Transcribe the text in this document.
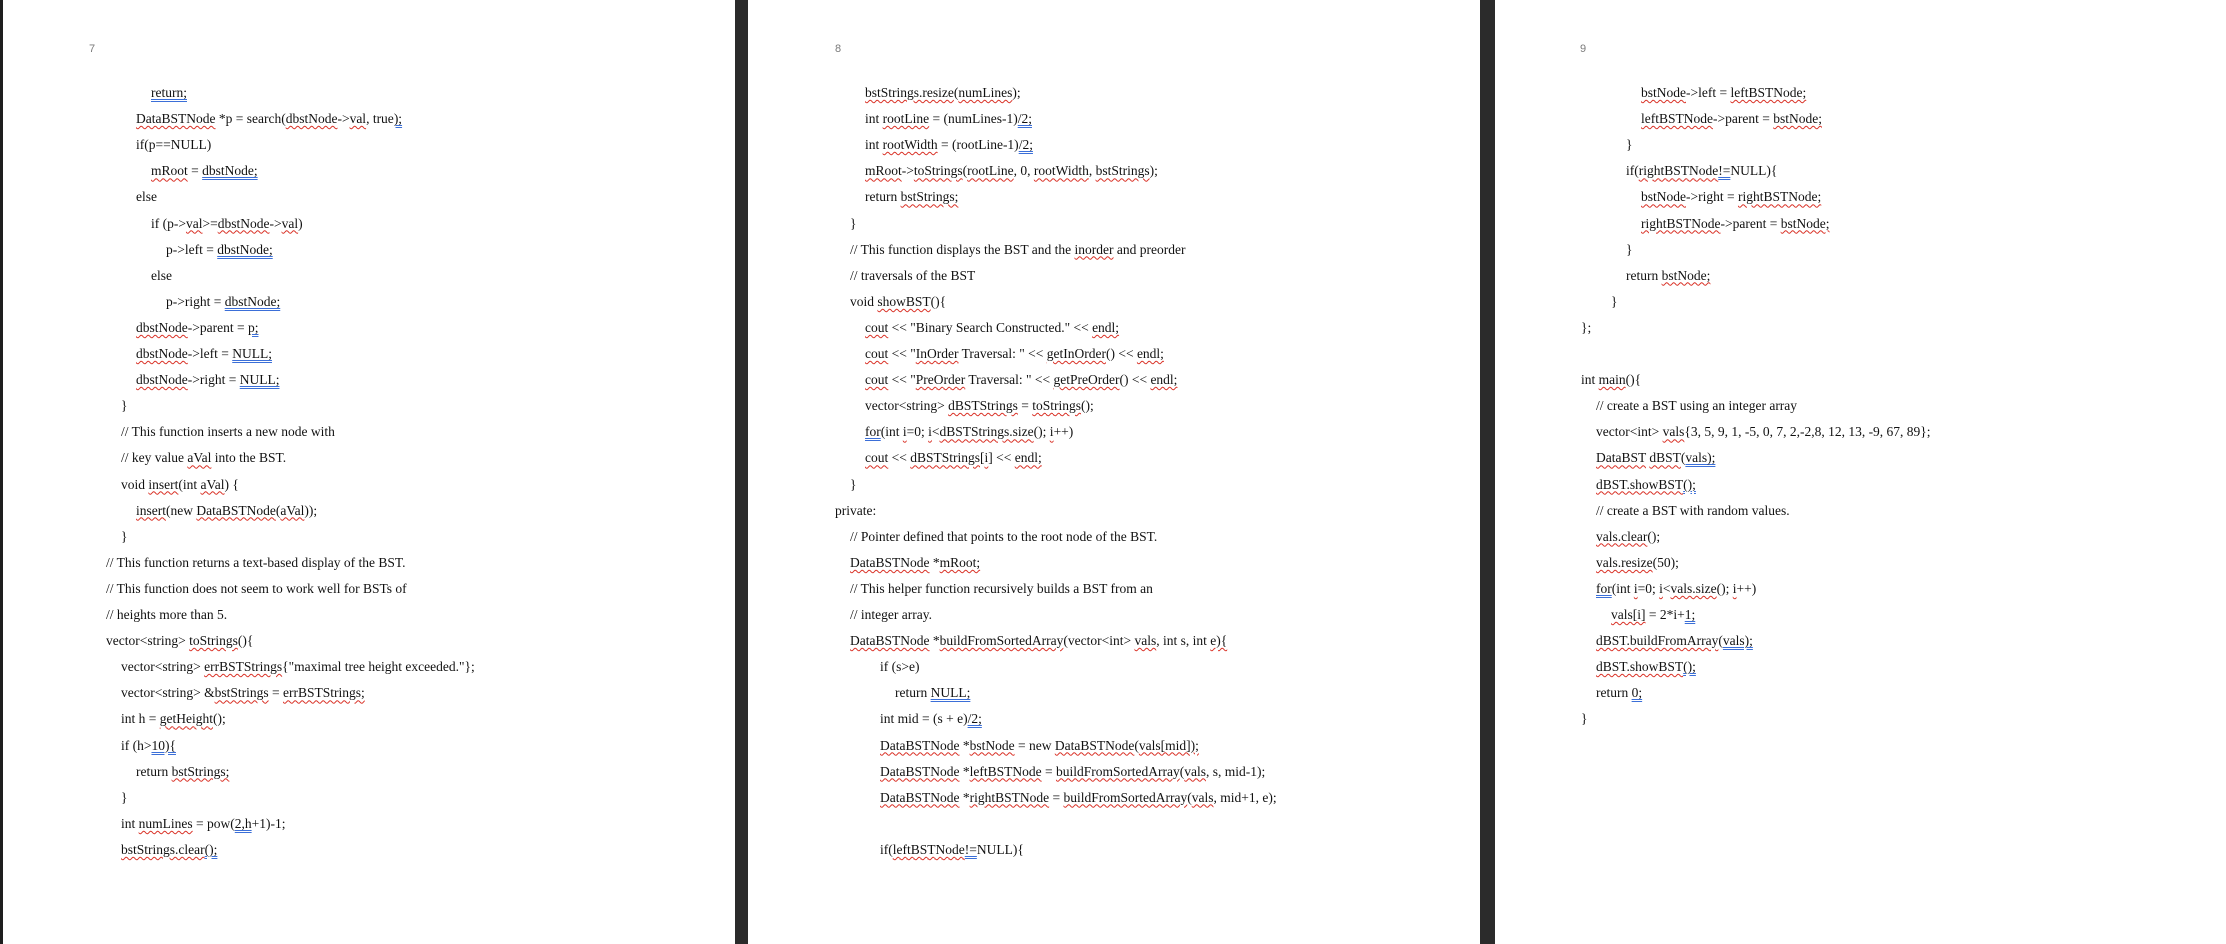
7
return;
DataBSTNode *p = search(dbstNode->val, true);
if(p==NULL)
mRoot = dbstNode;
else
if (p->val>=dbstNode->val)
p->left = dbstNode;
else
p->right = dbstNode;
dbstNode->parent = p;
dbstNode->left = NULL;
dbstNode->right = NULL;
}
// This function inserts a new node with
// key value aVal into the BST.
void insert(int aVal) {
insert(new DataBSTNode(aVal));
}
// This function returns a text-based display of the BST.
// This function does not seem to work well for BSTs of
// heights more than 5.
vector<string> toStrings(){
vector<string> errBSTStrings{"maximal tree height exceeded."};
vector<string> &bstStrings = errBSTStrings;
int h = getHeight();
if (h>10){
return bstStrings;
}
int numLines = pow(2,h+1)-1;
bstStrings.clear();
8
bstStrings.resize(numLines);
int rootLine = (numLines-1)/2;
int rootWidth = (rootLine-1)/2;
mRoot->toStrings(rootLine, 0, rootWidth, bstStrings);
return bstStrings;
}
// This function displays the BST and the inorder and preorder
// traversals of the BST
void showBST(){
cout << "Binary Search Constructed." << endl;
cout << "InOrder Traversal: " << getInOrder() << endl;
cout << "PreOrder Traversal: " << getPreOrder() << endl;
vector<string> dBSTStrings = toStrings();
for(int i=0; i<dBSTStrings.size(); i++)
cout << dBSTStrings[i] << endl;
}
private:
// Pointer defined that points to the root node of the BST.
DataBSTNode *mRoot;
// This helper function recursively builds a BST from an
// integer array.
DataBSTNode *buildFromSortedArray(vector<int> vals, int s, int e){
if (s>e)
return NULL;
int mid = (s + e)/2;
DataBSTNode *bstNode = new DataBSTNode(vals[mid]);
DataBSTNode *leftBSTNode = buildFromSortedArray(vals, s, mid-1);
DataBSTNode *rightBSTNode = buildFromSortedArray(vals, mid+1, e);

if(leftBSTNode!=NULL){
9
bstNode->left = leftBSTNode;
leftBSTNode->parent = bstNode;
}
if(rightBSTNode!=NULL){
bstNode->right = rightBSTNode;
rightBSTNode->parent = bstNode;
}
return bstNode;
}
};

int main(){
// create a BST using an integer array
vector<int> vals{3, 5, 9, 1, -5, 0, 7, 2,-2,8, 12, 13, -9, 67, 89};
DataBST dBST(vals);
dBST.showBST();
// create a BST with random values.
vals.clear();
vals.resize(50);
for(int i=0; i<vals.size(); i++)
vals[i] = 2*i+1;
dBST.buildFromArray(vals);
dBST.showBST();
return 0;
}
